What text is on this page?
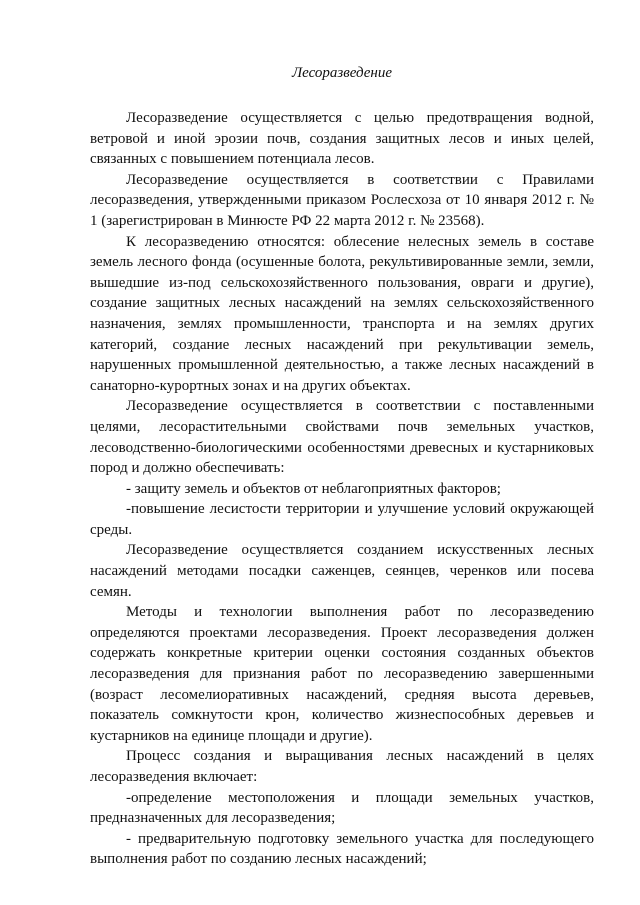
Лесоразведение

Лесоразведение осуществляется с целью предотвращения водной, ветровой и иной эрозии почв, создания защитных лесов и иных целей, связанных с повышением потенциала лесов.

Лесоразведение осуществляется в соответствии с Правилами лесоразведения, утвержденными приказом Рослесхоза от 10 января 2012 г. № 1 (зарегистрирован в Минюсте РФ 22 марта 2012 г. № 23568).

К лесоразведению относятся: облесение нелесных земель в составе земель лесного фонда (осушенные болота, рекультивированные земли, земли, вышедшие из-под сельскохозяйственного пользования, овраги и другие), создание защитных лесных насаждений на землях сельскохозяйственного назначения, землях промышленности, транспорта и на землях других категорий, создание лесных насаждений при рекультивации земель, нарушенных промышленной деятельностью, а также лесных насаждений в санаторно-курортных зонах и на других объектах.

Лесоразведение осуществляется в соответствии с поставленными целями, лесорастительными свойствами почв земельных участков, лесоводственно-биологическими особенностями древесных и кустарниковых пород и должно обеспечивать:

- защиту земель и объектов от неблагоприятных факторов;

-повышение лесистости территории и улучшение условий окружающей среды.

Лесоразведение осуществляется созданием искусственных лесных насаждений методами посадки саженцев, сеянцев, черенков или посева семян.

Методы и технологии выполнения работ по лесоразведению определяются проектами лесоразведения. Проект лесоразведения должен содержать конкретные критерии оценки состояния созданных объектов лесоразведения для признания работ по лесоразведению завершенными (возраст лесомелиоративных насаждений, средняя высота деревьев, показатель сомкнутости крон, количество жизнеспособных деревьев и кустарников на единице площади и другие).

Процесс создания и выращивания лесных насаждений в целях лесоразведения включает:

-определение местоположения и площади земельных участков, предназначенных для лесоразведения;

- предварительную подготовку земельного участка для последующего выполнения работ по созданию лесных насаждений;
